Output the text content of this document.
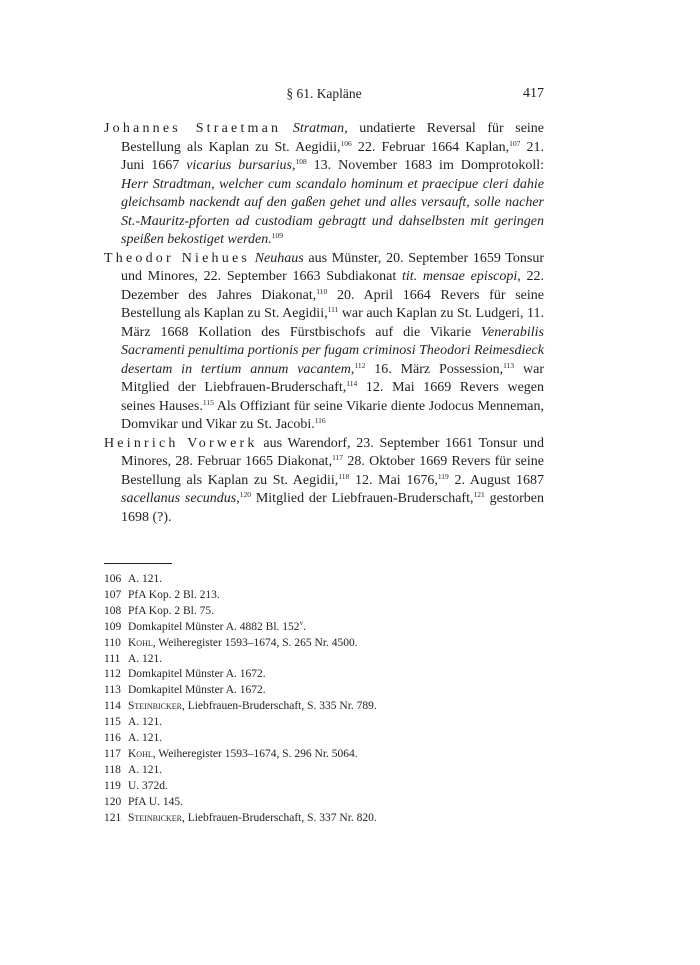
§ 61. Kapläne	417

Johannes Straetman Stratman, undatierte Reversal für seine Bestellung als Kaplan zu St. Aegidii,$^{106}$ 22. Februar 1664 Kaplan,$^{107}$ 21. Juni 1667 vicarius bursarius,$^{108}$ 13. November 1683 im Domprotokoll: Herr Stradtman, welcher cum scandalo hominum et praecipue cleri dahie gleichsamb nackendt auf den gaßen gehet und alles versauft, solle nacher St.-Mauritz-pforten ad custodiam gebragtt und dahselbsten mit geringen speißen bekostiget werden.$^{109}$

Theodor Niehues Neuhaus aus Münster, 20. September 1659 Tonsur und Minores, 22. September 1663 Subdiakonat tit. mensae episcopi, 22. Dezember des Jahres Diakonat,$^{110}$ 20. April 1664 Revers für seine Bestellung als Kaplan zu St. Aegidii,$^{111}$ war auch Kaplan zu St. Ludgeri, 11. März 1668 Kollation des Fürstbischofs auf die Vikarie Venerabilis Sacramenti penultima portionis per fugam criminosi Theodori Reimesdieck desertam in tertium annum vacantem,$^{112}$ 16. März Possession,$^{113}$ war Mitglied der Liebfrauen-Bruderschaft,$^{114}$ 12. Mai 1669 Revers wegen seines Hauses.$^{115}$ Als Offiziant für seine Vikarie diente Jodocus Menneman, Domvikar und Vikar zu St. Jacobi.$^{116}$

Heinrich Vorwerk aus Warendorf, 23. September 1661 Tonsur und Minores, 28. Februar 1665 Diakonat,$^{117}$ 28. Oktober 1669 Revers für seine Bestellung als Kaplan zu St. Aegidii,$^{118}$ 12. Mai 1676,$^{119}$ 2. August 1687 sacellanus secundus,$^{120}$ Mitglied der Liebfrauen-Bruderschaft,$^{121}$ gestorben 1698 (?).

106 A. 121.
107 PfA Kop. 2 Bl. 213.
108 PfA Kop. 2 Bl. 75.
109 Domkapitel Münster A. 4882 Bl. 152$^v$.
110 Kohl, Weiheregister 1593–1674, S. 265 Nr. 4500.
111 A. 121.
112 Domkapitel Münster A. 1672.
113 Domkapitel Münster A. 1672.
114 Steinbicker, Liebfrauen-Bruderschaft, S. 335 Nr. 789.
115 A. 121.
116 A. 121.
117 Kohl, Weiheregister 1593–1674, S. 296 Nr. 5064.
118 A. 121.
119 U. 372d.
120 PfA U. 145.
121 Steinbicker, Liebfrauen-Bruderschaft, S. 337 Nr. 820.
